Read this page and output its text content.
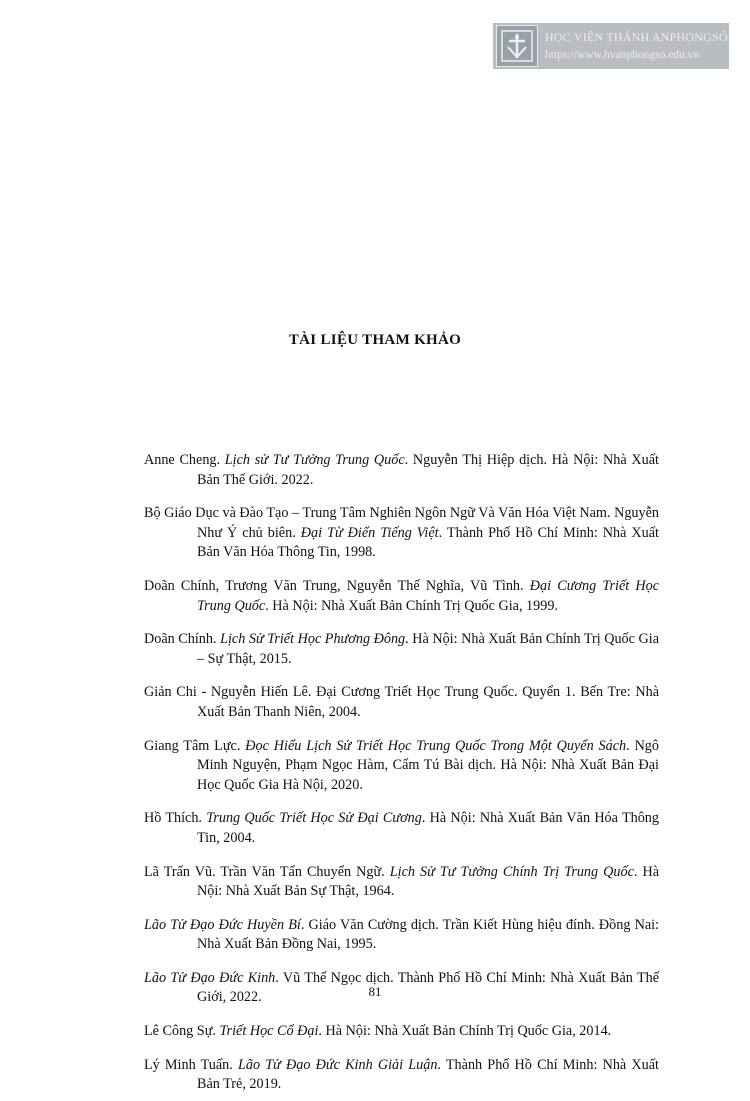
HỌC VIỆN THÁNH ANPHONGSÔ
https://www.hvanphongso.edu.vn
TÀI LIỆU THAM KHẢO

Anne Cheng. Lịch sử Tư Tưởng Trung Quốc. Nguyễn Thị Hiệp dịch. Hà Nội: Nhà Xuất Bản Thế Giới. 2022.

Bộ Giáo Dục và Đào Tạo – Trung Tâm Nghiên Ngôn Ngữ Và Văn Hóa Việt Nam. Nguyễn Như Ý chủ biên. Đại Từ Điển Tiếng Việt. Thành Phố Hồ Chí Minh: Nhà Xuất Bản Văn Hóa Thông Tin, 1998.

Doãn Chính, Trương Văn Trung, Nguyễn Thế Nghĩa, Vũ Tình. Đại Cương Triết Học Trung Quốc. Hà Nội: Nhà Xuất Bản Chính Trị Quốc Gia, 1999.

Doãn Chính. Lịch Sử Triết Học Phương Đông. Hà Nội: Nhà Xuất Bản Chính Trị Quốc Gia – Sự Thật, 2015.

Giản Chi - Nguyễn Hiến Lê. Đại Cương Triết Học Trung Quốc. Quyển 1. Bến Tre: Nhà Xuất Bản Thanh Niên, 2004.

Giang Tâm Lực. Đọc Hiểu Lịch Sử Triết Học Trung Quốc Trong Một Quyển Sách. Ngô Minh Nguyện, Phạm Ngọc Hàm, Cẩm Tú Bài dịch. Hà Nội: Nhà Xuất Bản Đại Học Quốc Gia Hà Nội, 2020.

Hồ Thích. Trung Quốc Triết Học Sử Đại Cương. Hà Nội: Nhà Xuất Bản Văn Hóa Thông Tin, 2004.

Lã Trấn Vũ. Trần Văn Tấn Chuyển Ngữ. Lịch Sử Tư Tưởng Chính Trị Trung Quốc. Hà Nội: Nhà Xuất Bản Sự Thật, 1964.

Lão Tử Đạo Đức Huyền Bí. Giáo Văn Cường dịch. Trần Kiết Hùng hiệu đính. Đồng Nai: Nhà Xuất Bản Đồng Nai, 1995.

Lão Tử Đạo Đức Kinh. Vũ Thế Ngọc dịch. Thành Phố Hồ Chí Minh: Nhà Xuất Bản Thế Giới, 2022.

Lê Công Sự. Triết Học Cổ Đại. Hà Nội: Nhà Xuất Bản Chính Trị Quốc Gia, 2014.

Lý Minh Tuấn. Lão Tử Đạo Đức Kinh Giải Luận. Thành Phố Hồ Chí Minh: Nhà Xuất Bản Trẻ, 2019.

81
